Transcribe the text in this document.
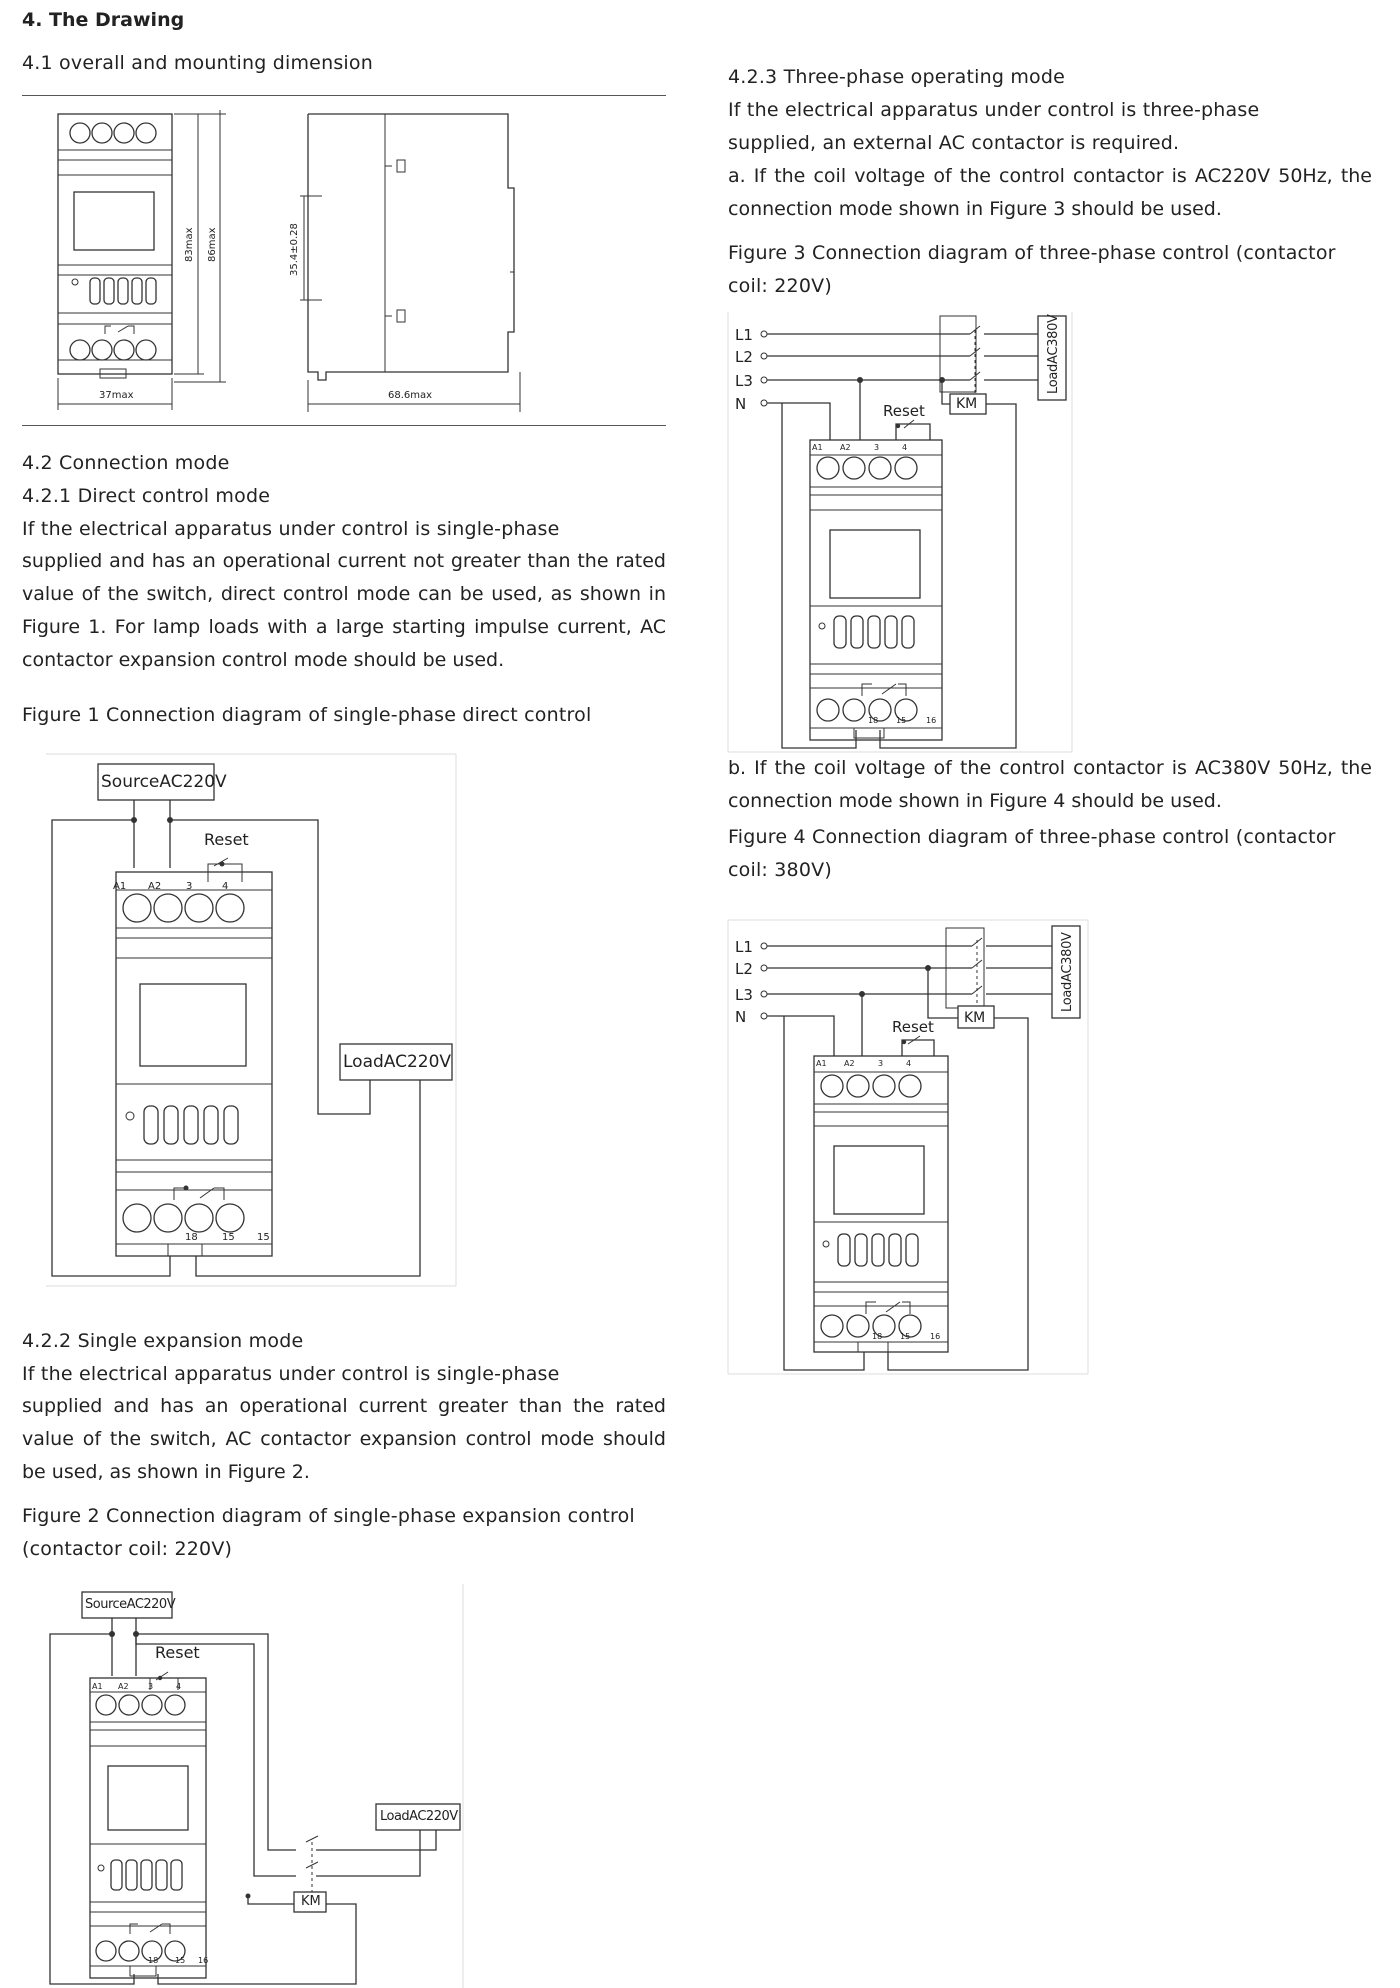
4. The Drawing
4.1 overall and mounting dimension
37max
83max 86max	35.4±0.28
68.6max
4.2 Connection mode
4.2.1 Direct control mode
If the electrical apparatus under control is single-phase
supplied and has an operational current not greater than the rated value of the switch, direct control mode can be used, as shown in Figure 1. For lamp loads with a large starting impulse current, AC contactor expansion control mode should be used.
Figure 1 Connection diagram of single-phase direct control
SourceAC220V
LoadAC220V
Reset
A1 A2 3	4
18 15 15
4.2.2 Single expansion mode
If the electrical apparatus under control is single-phase
supplied and has an operational current greater than the rated value of the switch, AC contactor expansion control mode should be used, as shown in Figure 2.
Figure 2 Connection diagram of single-phase expansion control
(contactor coil: 220V)
SourceAC220V
LoadAC220V
Reset
KM
A1 A2 3	4
18 15 16
4.2.3 Three-phase operating mode
If the electrical apparatus under control is three-phase
supplied, an external AC contactor is required.
a. If the coil voltage of the control contactor is AC220V 50Hz, the connection mode shown in Figure 3 should be used.
Figure 3 Connection diagram of three-phase control (contactor
coil: 220V)
L1
L2
L3
N	Reset KM
LoadAC380V
A1 A2	3	4
18 15 16
b. If the coil voltage of the control contactor is AC380V 50Hz, the connection mode shown in Figure 4 should be used.
Figure 4 Connection diagram of three-phase control (contactor
coil: 380V)
L1
L2
L3
N
Reset KM
LoadAC380V
A1 A2	3	4
18 15 16
